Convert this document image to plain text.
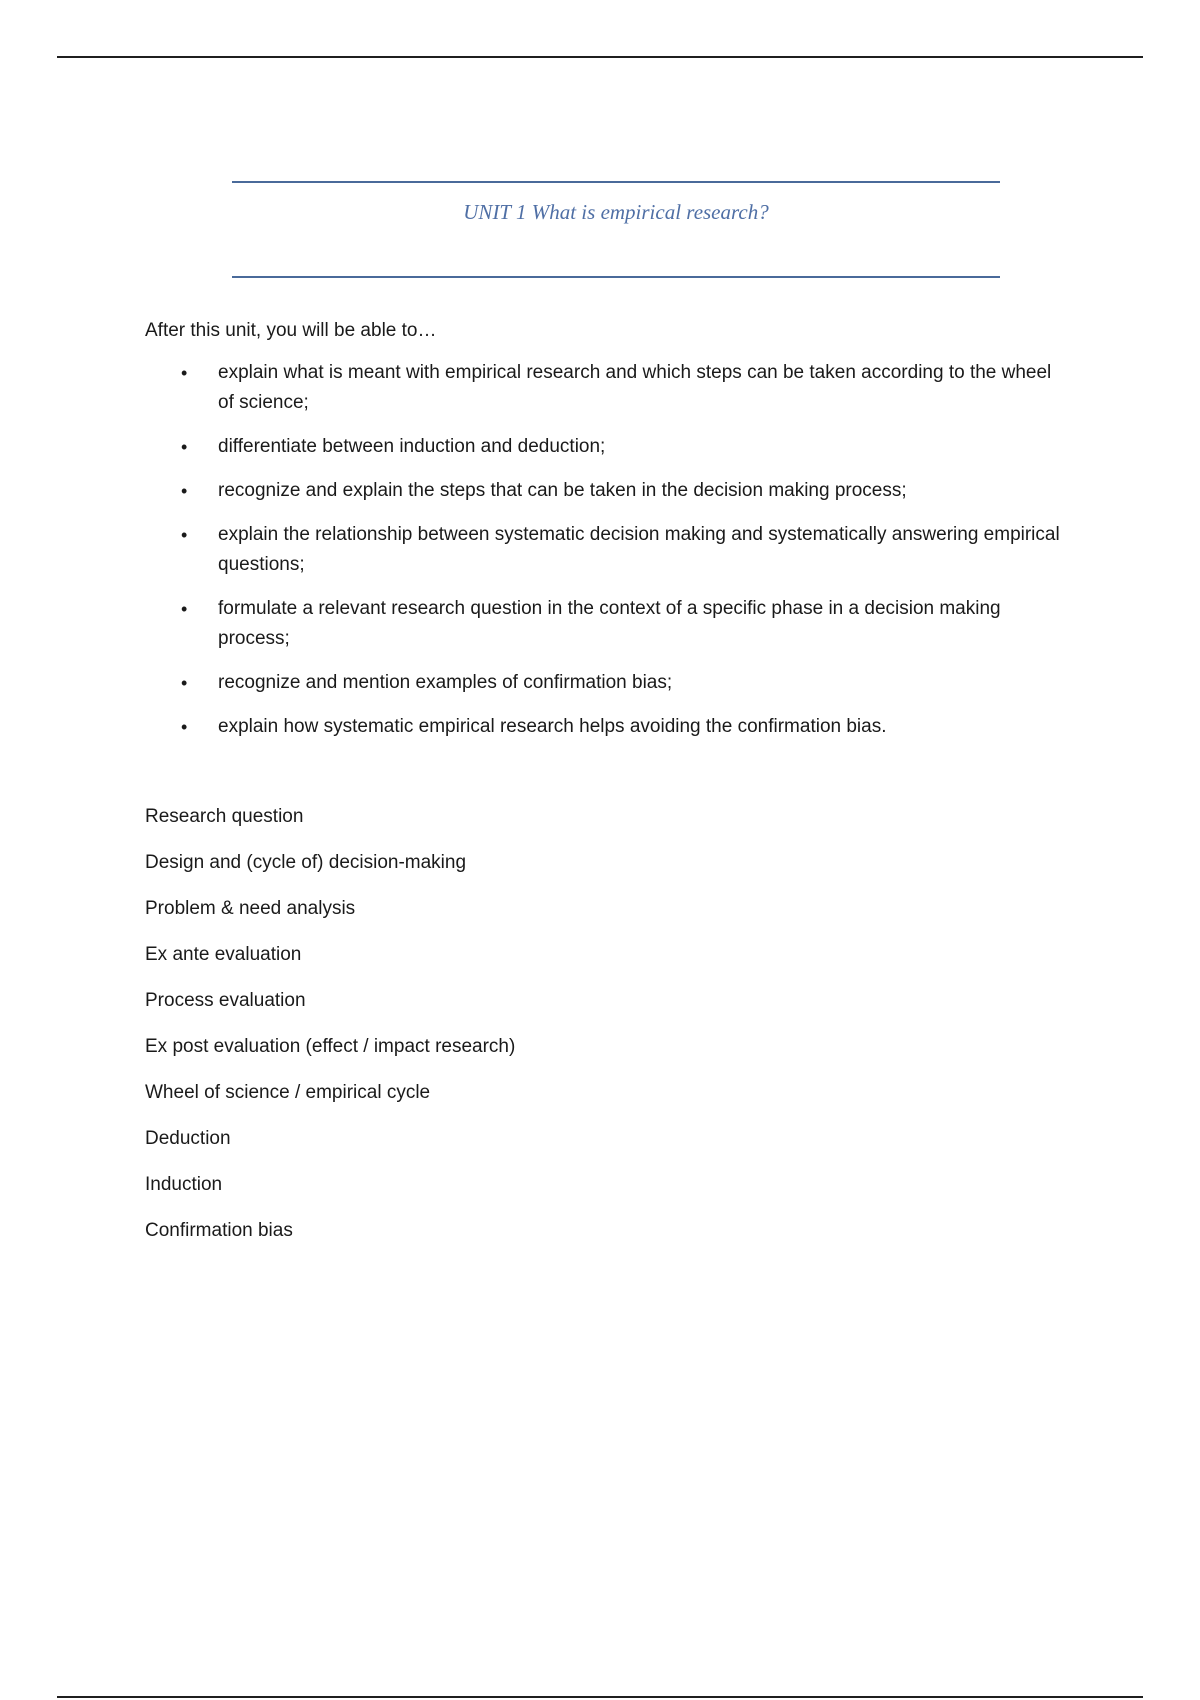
UNIT 1 What is empirical research?

After this unit, you will be able to…

• explain what is meant with empirical research and which steps can be taken according to the wheel of science;
• differentiate between induction and deduction;
• recognize and explain the steps that can be taken in the decision making process;
• explain the relationship between systematic decision making and systematically answering empirical questions;
• formulate a relevant research question in the context of a specific phase in a decision making process;
• recognize and mention examples of confirmation bias;
• explain how systematic empirical research helps avoiding the confirmation bias.
Research question
Design and (cycle of) decision-making
Problem & need analysis
Ex ante evaluation
Process evaluation
Ex post evaluation (effect / impact research)
Wheel of science / empirical cycle
Deduction
Induction
Confirmation bias
